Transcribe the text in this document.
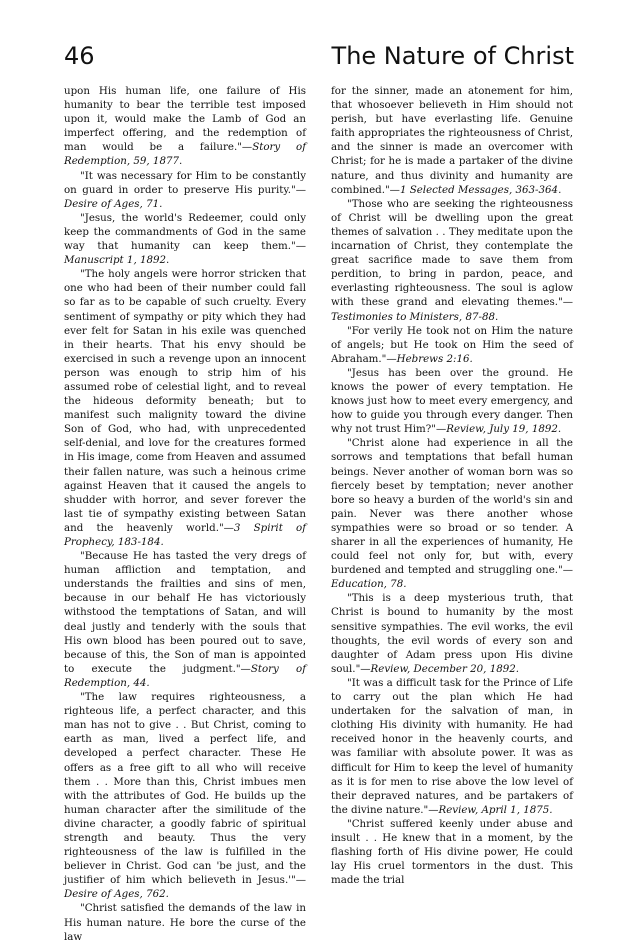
46	The Nature of Christ

upon His human life, one failure of His humanity to bear the terrible test imposed upon it, would make the Lamb of God an imperfect offering, and the redemption of man would be a failure."—Story of Redemption, 59, 1877.

"It was necessary for Him to be constantly on guard in order to preserve His purity."—Desire of Ages, 71.

"Jesus, the world's Redeemer, could only keep the commandments of God in the same way that humanity can keep them."—Manuscript 1, 1892.

"The holy angels were horror stricken that one who had been of their number could fall so far as to be capable of such cruelty. Every sentiment of sympathy or pity which they had ever felt for Satan in his exile was quenched in their hearts. That his envy should be exercised in such a revenge upon an innocent person was enough to strip him of his assumed robe of celestial light, and to reveal the hideous deformity beneath; but to manifest such malignity toward the divine Son of God, who had, with unprecedented self-denial, and love for the creatures formed in His image, come from Heaven and assumed their fallen nature, was such a heinous crime against Heaven that it caused the angels to shudder with horror, and sever forever the last tie of sympathy existing between Satan and the heavenly world."—3 Spirit of Prophecy, 183-184.

"Because He has tasted the very dregs of human affliction and temptation, and understands the frailties and sins of men, because in our behalf He has victoriously withstood the temptations of Satan, and will deal justly and tenderly with the souls that His own blood has been poured out to save, because of this, the Son of man is appointed to execute the judgment."—Story of Redemption, 44.

"The law requires righteousness, a righteous life, a perfect character, and this man has not to give . . But Christ, coming to earth as man, lived a perfect life, and developed a perfect character. These He offers as a free gift to all who will receive them . . More than this, Christ imbues men with the attributes of God. He builds up the human character after the similitude of the divine character, a goodly fabric of spiritual strength and beauty. Thus the very righteousness of the law is fulfilled in the believer in Christ. God can 'be just, and the justifier of him which believeth in Jesus.'"—Desire of Ages, 762.

"Christ satisfied the demands of the law in His human nature. He bore the curse of the law

for the sinner, made an atonement for him, that whosoever believeth in Him should not perish, but have everlasting life. Genuine faith appropriates the righteousness of Christ, and the sinner is made an overcomer with Christ; for he is made a partaker of the divine nature, and thus divinity and humanity are combined."—1 Selected Messages, 363-364.

"Those who are seeking the righteousness of Christ will be dwelling upon the great themes of salvation . . They meditate upon the incarnation of Christ, they contemplate the great sacrifice made to save them from perdition, to bring in pardon, peace, and everlasting righteousness. The soul is aglow with these grand and elevating themes."—Testimonies to Ministers, 87-88.

"For verily He took not on Him the nature of angels; but He took on Him the seed of Abraham."—Hebrews 2:16.

"Jesus has been over the ground. He knows the power of every temptation. He knows just how to meet every emergency, and how to guide you through every danger. Then why not trust Him?"—Review, July 19, 1892.

"Christ alone had experience in all the sorrows and temptations that befall human beings. Never another of woman born was so fiercely beset by temptation; never another bore so heavy a burden of the world's sin and pain. Never was there another whose sympathies were so broad or so tender. A sharer in all the experiences of humanity, He could feel not only for, but with, every burdened and tempted and struggling one."—Education, 78.

"This is a deep mysterious truth, that Christ is bound to humanity by the most sensitive sympathies. The evil works, the evil thoughts, the evil words of every son and daughter of Adam press upon His divine soul."—Review, December 20, 1892.

"It was a difficult task for the Prince of Life to carry out the plan which He had undertaken for the salvation of man, in clothing His divinity with humanity. He had received honor in the heavenly courts, and was familiar with absolute power. It was as difficult for Him to keep the level of humanity as it is for men to rise above the low level of their depraved natures, and be partakers of the divine nature."—Review, April 1, 1875.

"Christ suffered keenly under abuse and insult . . He knew that in a moment, by the flashing forth of His divine power, He could lay His cruel tormentors in the dust. This made the trial
